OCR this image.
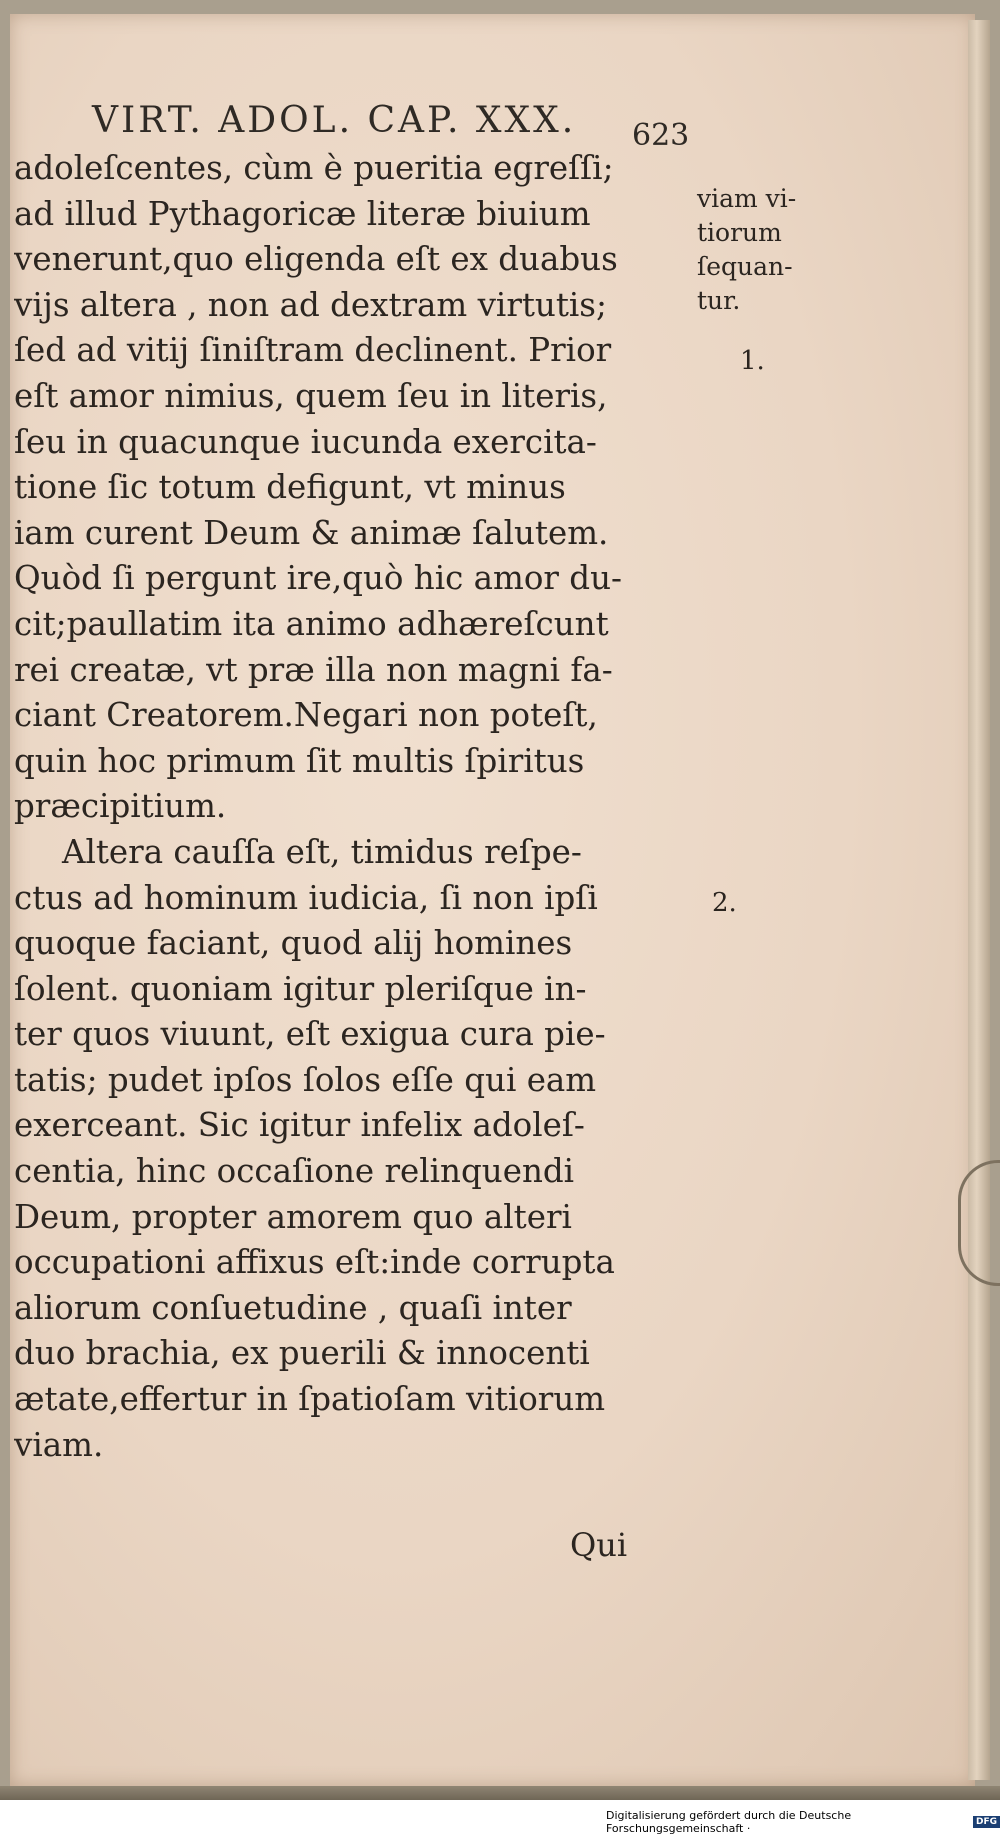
VIRT. ADOL. CAP. XXX. 623
adoleſcentes, cùm è pueritia egreſſi;
ad illud Pythagoricæ literæ biuium
venerunt,quo eligenda eſt ex duabus
vijs altera , non ad dextram virtutis;
ſed ad vitij ſiniſtram declinent. Prior
eſt amor nimius, quem ſeu in literis,
ſeu in quacunque iucunda exercita-
tione ſic totum defigunt, vt minus
iam curent Deum & animæ ſalutem.
Quòd ſi pergunt ire,quò hic amor du-
cit;paullatim ita animo adhæreſcunt
rei creatæ, vt præ illa non magni fa-
ciant Creatorem.Negari non poteſt,
quin hoc primum ſit multis ſpiritus
præcipitium.
Altera cauſſa eſt, timidus reſpe-
ctus ad hominum iudicia, ſi non ipſi
quoque faciant, quod alij homines
ſolent. quoniam igitur pleriſque in-
ter quos viuunt, eſt exigua cura pie-
tatis; pudet ipſos ſolos eſſe qui eam
exerceant. Sic igitur infelix adoleſ-
centia, hinc occaſione relinquendi
Deum, propter amorem quo alteri
occupationi affixus eſt:inde corrupta
aliorum conſuetudine , quaſi inter
duo brachia, ex puerili & innocenti
ætate,effertur in ſpatioſam vitiorum
viam.
viam vi-
tiorum
ſequan-
tur.
1.
2.
Qui
Digitalisierung gefördert durch die Deutsche Forschungsgemeinschaft ·	DFG
